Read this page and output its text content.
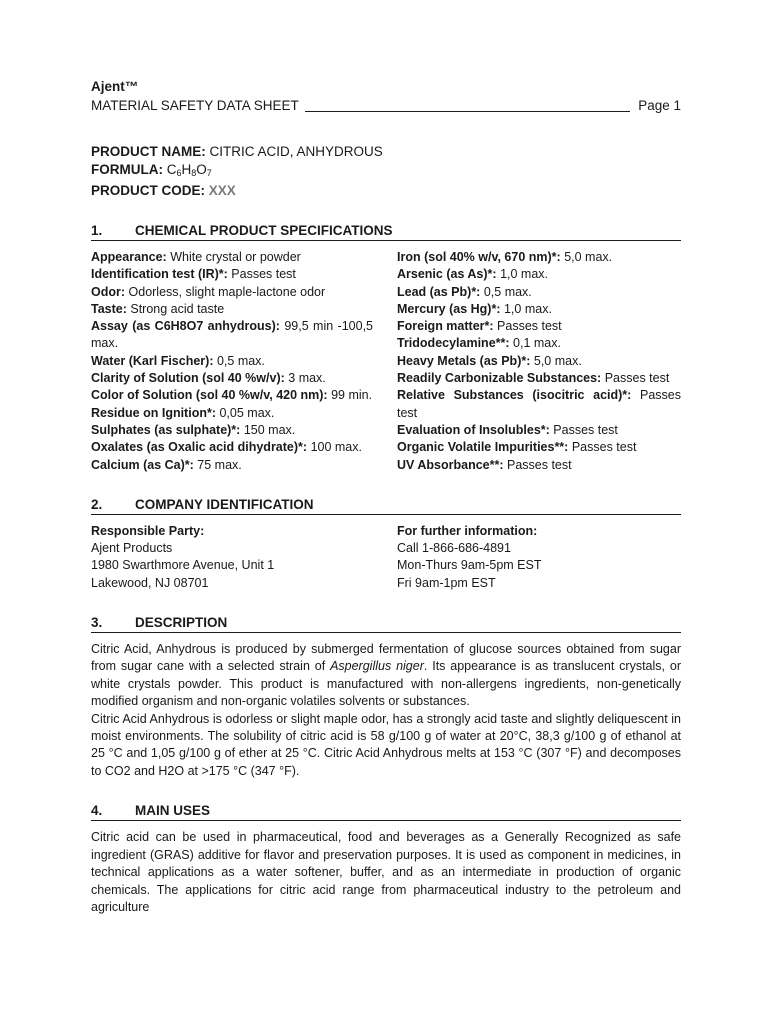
Ajent™
MATERIAL SAFETY DATA SHEET	Page 1
PRODUCT NAME: CITRIC ACID, ANHYDROUS
FORMULA: $C_6H_8O_7$
PRODUCT CODE: XXX
1.	CHEMICAL PRODUCT SPECIFICATIONS
Appearance: White crystal or powder
Identification test (IR)*: Passes test
Odor: Odorless, slight maple-lactone odor
Taste: Strong acid taste
Assay (as C6H8O7 anhydrous): 99,5 min -100,5 max.
Water (Karl Fischer): 0,5 max.
Clarity of Solution (sol 40 %w/v): 3 max.
Color of Solution (sol 40 %w/v, 420 nm): 99 min.
Residue on Ignition*: 0,05 max.
Sulphates (as sulphate)*: 150 max.
Oxalates (as Oxalic acid dihydrate)*: 100 max.
Calcium (as Ca)*: 75 max.
Iron (sol 40% w/v, 670 nm)*: 5,0 max.
Arsenic (as As)*: 1,0 max.
Lead (as Pb)*: 0,5 max.
Mercury (as Hg)*: 1,0 max.
Foreign matter*: Passes test
Tridodecylamine**: 0,1 max.
Heavy Metals (as Pb)*: 5,0 max.
Readily Carbonizable Substances: Passes test
Relative Substances (isocitric acid)*: Passes test
Evaluation of Insolubles*: Passes test
Organic Volatile Impurities**: Passes test
UV Absorbance**: Passes test
2.	COMPANY IDENTIFICATION
Responsible Party:
Ajent Products
1980 Swarthmore Avenue, Unit 1
Lakewood, NJ 08701
For further information:
Call 1-866-686-4891
Mon-Thurs 9am-5pm EST
Fri 9am-1pm EST
3.	DESCRIPTION
Citric Acid, Anhydrous is produced by submerged fermentation of glucose sources obtained from sugar from sugar cane with a selected strain of Aspergillus niger. Its appearance is as translucent crystals, or white crystals powder. This product is manufactured with non-allergens ingredients, non-genetically modified organism and non-organic volatiles solvents or substances.
Citric Acid Anhydrous is odorless or slight maple odor, has a strongly acid taste and slightly deliquescent in moist environments. The solubility of citric acid is 58 g/100 g of water at 20°C, 38,3 g/100 g of ethanol at 25 °C and 1,05 g/100 g of ether at 25 °C. Citric Acid Anhydrous melts at 153 °C (307 °F) and decomposes to CO2 and H2O at >175 °C (347 °F).
4.	MAIN USES
Citric acid can be used in pharmaceutical, food and beverages as a Generally Recognized as safe ingredient (GRAS) additive for flavor and preservation purposes. It is used as component in medicines, in technical applications as a water softener, buffer, and as an intermediate in production of organic chemicals. The applications for citric acid range from pharmaceutical industry to the petroleum and agriculture
